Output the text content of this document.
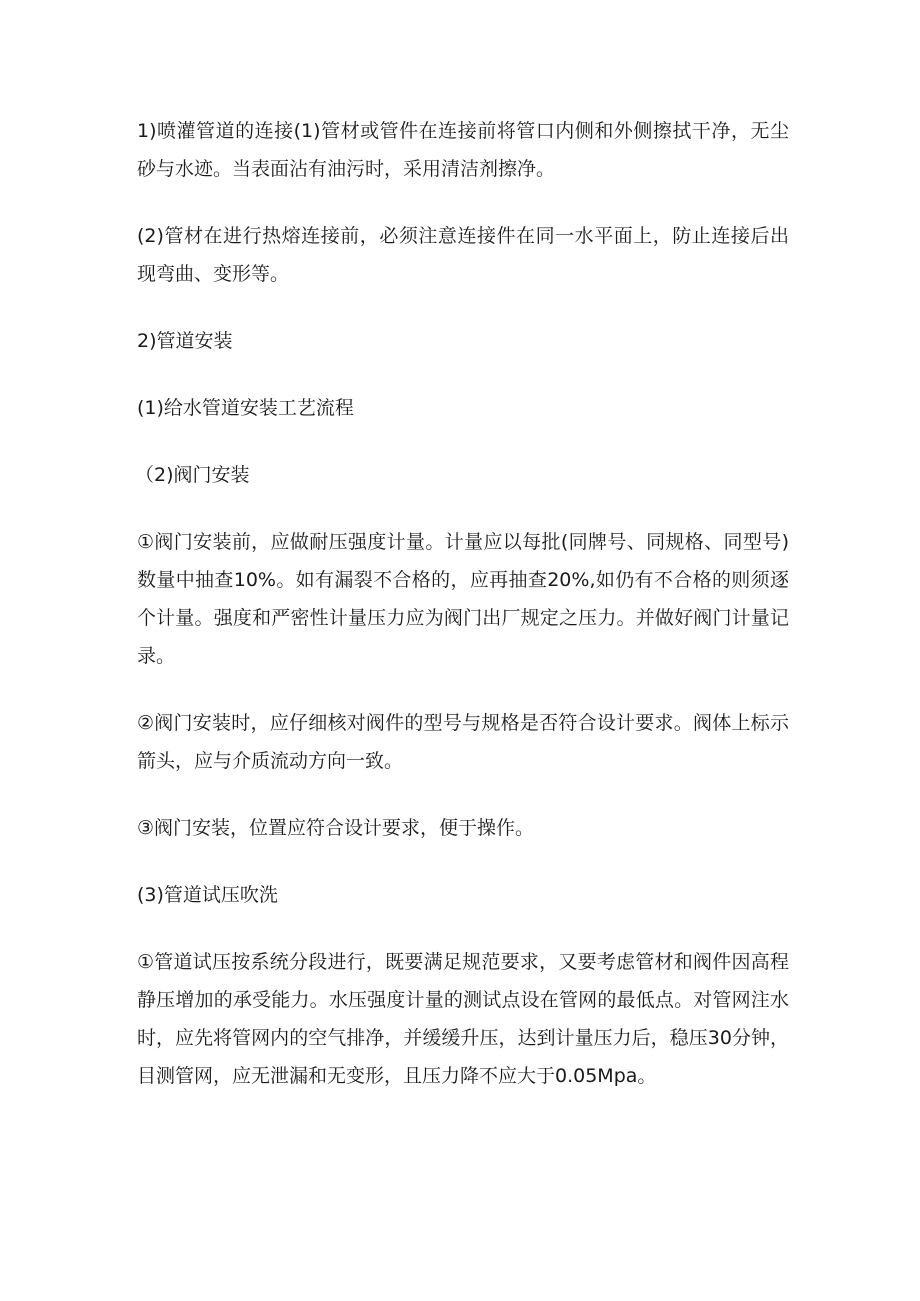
1)喷灌管道的连接(1)管材或管件在连接前将管口内侧和外侧擦拭干净，无尘砂与水迹。当表面沾有油污时，采用清洁剂擦净。

(2)管材在进行热熔连接前，必须注意连接件在同一水平面上，防止连接后出现弯曲、变形等。

2)管道安装

(1)给水管道安装工艺流程

（2)阀门安装

①阀门安装前，应做耐压强度计量。计量应以每批(同牌号、同规格、同型号)数量中抽查10%。如有漏裂不合格的，应再抽查20%,如仍有不合格的则须逐个计量。强度和严密性计量压力应为阀门出厂规定之压力。并做好阀门计量记录。

②阀门安装时，应仔细核对阀件的型号与规格是否符合设计要求。阀体上标示箭头，应与介质流动方向一致。

③阀门安装，位置应符合设计要求，便于操作。

(3)管道试压吹洗

①管道试压按系统分段进行，既要满足规范要求，又要考虑管材和阀件因高程静压增加的承受能力。水压强度计量的测试点设在管网的最低点。对管网注水时，应先将管网内的空气排净，并缓缓升压，达到计量压力后，稳压30分钟，目测管网，应无泄漏和无变形，且压力降不应大于0.05Mpa。
